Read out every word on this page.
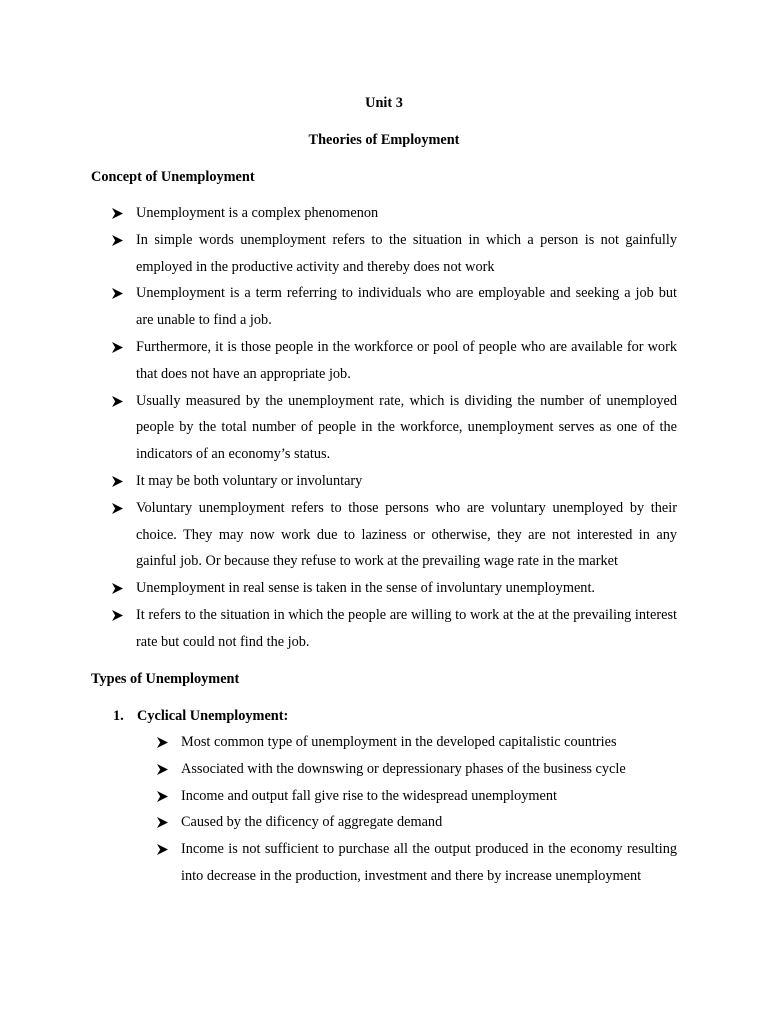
Unit 3
Theories of Employment
Concept of Unemployment
Unemployment is a complex phenomenon
In simple words unemployment refers to the situation in which a person is not gainfully employed in the productive activity and thereby does not work
Unemployment is a term referring to individuals who are employable and seeking a job but are unable to find a job.
Furthermore, it is those people in the workforce or pool of people who are available for work that does not have an appropriate job.
Usually measured by the unemployment rate, which is dividing the number of unemployed people by the total number of people in the workforce, unemployment serves as one of the indicators of an economy’s status.
It may be both voluntary or involuntary
Voluntary unemployment refers to those persons who are voluntary unemployed by their choice. They may now work due to laziness or otherwise, they are not interested in any gainful job. Or because they refuse to work at the prevailing wage rate in the market
Unemployment in real sense is taken in the sense of involuntary unemployment.
It refers to the situation in which the people are willing to work at the at the prevailing interest rate but could not find the job.
Types of Unemployment
1. Cyclical Unemployment:
Most common type of unemployment in the developed capitalistic countries
Associated with the downswing or depressionary phases of the business cycle
Income and output fall give rise to the widespread unemployment
Caused by the dificency of aggregate demand
Income is not sufficient to purchase all the output produced in the economy resulting into decrease in the production, investment and there by increase unemployment
